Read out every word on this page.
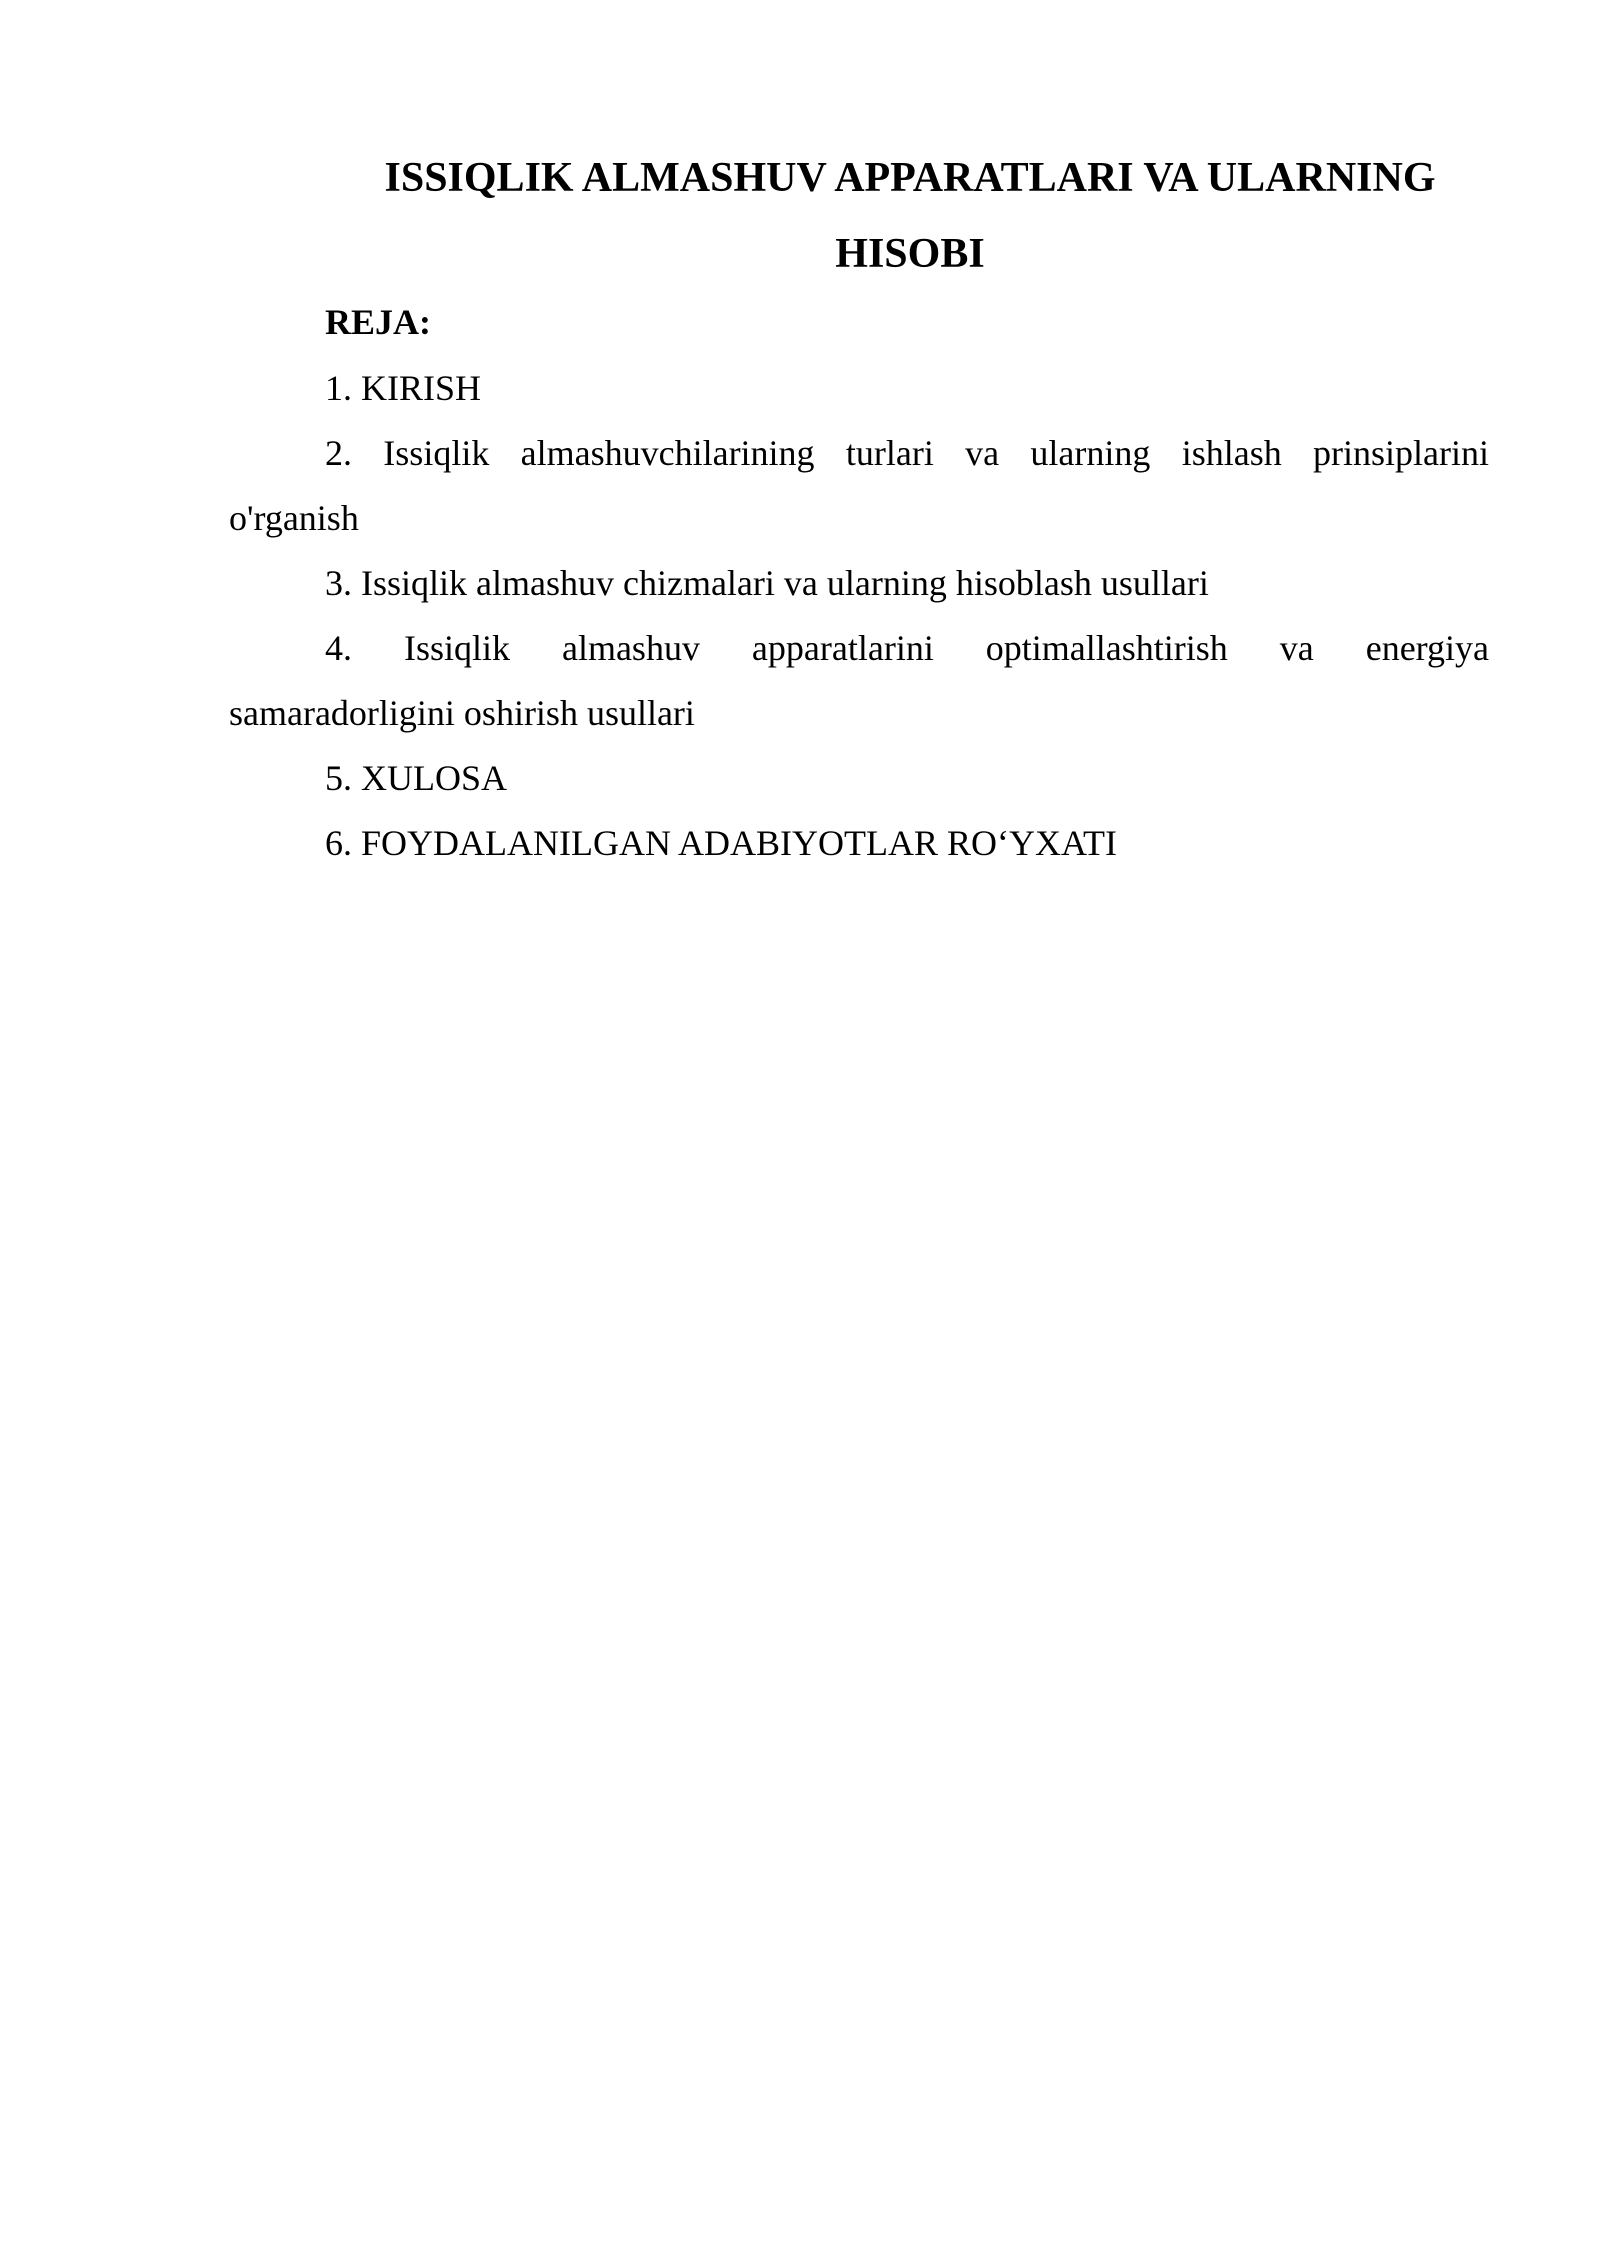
ISSIQLIK ALMASHUV APPARATLARI VA ULARNING
HISOBI

REJA:

1. KIRISH

2. Issiqlik almashuvchilarining turlari va ularning ishlash prinsiplarini

o'rganish

3. Issiqlik almashuv chizmalari va ularning hisoblash usullari

4. Issiqlik almashuv apparatlarini optimallashtirish va energiya

samaradorligini oshirish usullari

5. XULOSA

6. FOYDALANILGAN ADABIYOTLAR RO‘YXATI
